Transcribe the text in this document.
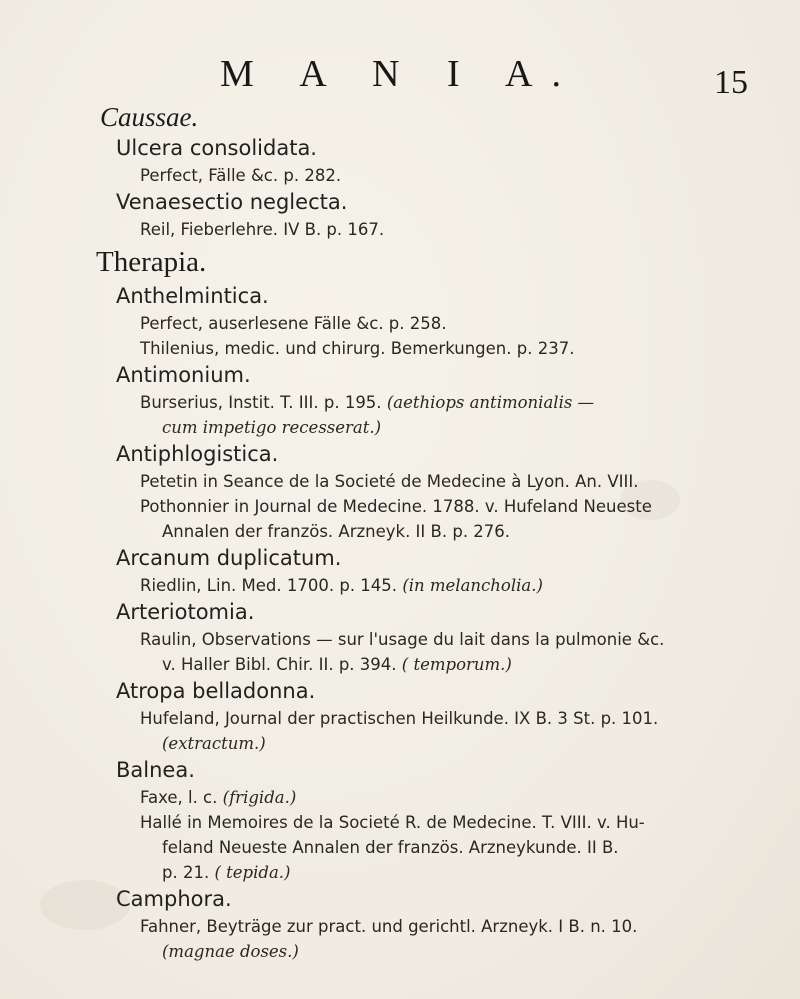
M A N I A.	15
Caussae.
Ulcera consolidata.
Perfect, Fälle &c. p. 282.
Venaesectio neglecta.
Reil, Fieberlehre. IV B. p. 167.
Therapia.
Anthelmintica.
Perfect, auserlesene Fälle &c. p. 258.
Thilenius, medic. und chirurg. Bemerkungen. p. 237.
Antimonium.
Burserius, Instit. T. III. p. 195. (aethiops antimonialis —
cum impetigo recesserat.)
Antiphlogistica.
Petetin in Seance de la Societé de Medecine à Lyon. An. VIII.
Pothonnier in Journal de Medecine. 1788. v. Hufeland Neueste
Annalen der französ. Arzneyk. II B. p. 276.
Arcanum duplicatum.
Riedlin, Lin. Med. 1700. p. 145. (in melancholia.)
Arteriotomia.
Raulin, Observations — sur l'usage du lait dans la pulmonie &c.
v. Haller Bibl. Chir. II. p. 394. ( temporum.)
Atropa belladonna.
Hufeland, Journal der practischen Heilkunde. IX B. 3 St. p. 101.
(extractum.)
Balnea.
Faxe, l. c. (frigida.)
Hallé in Memoires de la Societé R. de Medecine. T. VIII. v. Hu-
feland Neueste Annalen der französ. Arzneykunde. II B.
p. 21. ( tepida.)
Camphora.
Fahner, Beyträge zur pract. und gerichtl. Arzneyk. I B. n. 10.
(magnae doses.)
